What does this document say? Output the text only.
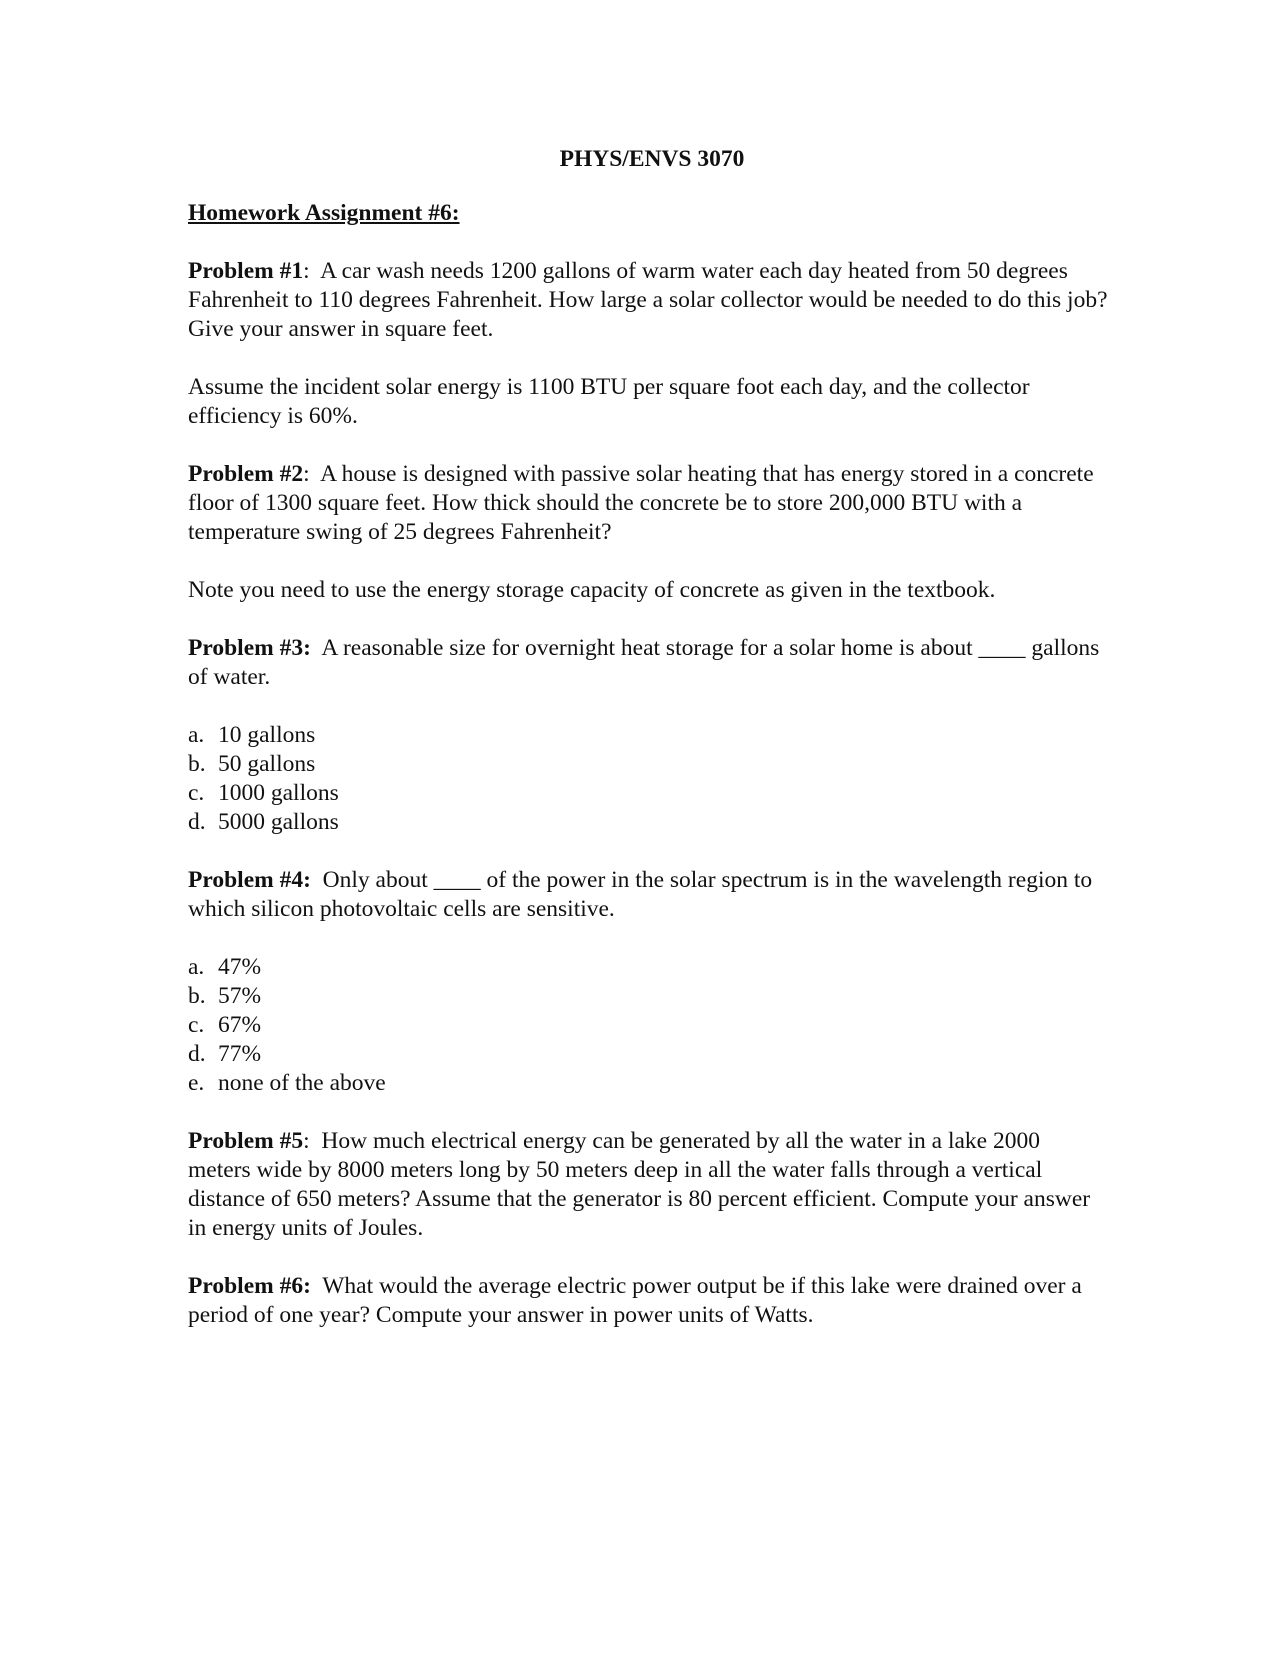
PHYS/ENVS 3070
Homework Assignment #6:

Problem #1:  A car wash needs 1200 gallons of warm water each day heated from 50 degrees Fahrenheit to 110 degrees Fahrenheit. How large a solar collector would be needed to do this job? Give your answer in square feet.

Assume the incident solar energy is 1100 BTU per square foot each day, and the collector efficiency is 60%.

Problem #2:  A house is designed with passive solar heating that has energy stored in a concrete floor of 1300 square feet. How thick should the concrete be to store 200,000 BTU with a temperature swing of 25 degrees Fahrenheit?

Note you need to use the energy storage capacity of concrete as given in the textbook.

Problem #3: A reasonable size for overnight heat storage for a solar home is about ____ gallons of water.

a. 10 gallons
b. 50 gallons
c. 1000 gallons
d. 5000 gallons

Problem #4: Only about ____ of the power in the solar spectrum is in the wavelength region to which silicon photovoltaic cells are sensitive.

a. 47%
b. 57%
c. 67%
d. 77%
e. none of the above

Problem #5:  How much electrical energy can be generated by all the water in a lake 2000 meters wide by 8000 meters long by 50 meters deep in all the water falls through a vertical distance of 650 meters? Assume that the generator is 80 percent efficient. Compute your answer in energy units of Joules.

Problem #6: What would the average electric power output be if this lake were drained over a period of one year? Compute your answer in power units of Watts.
